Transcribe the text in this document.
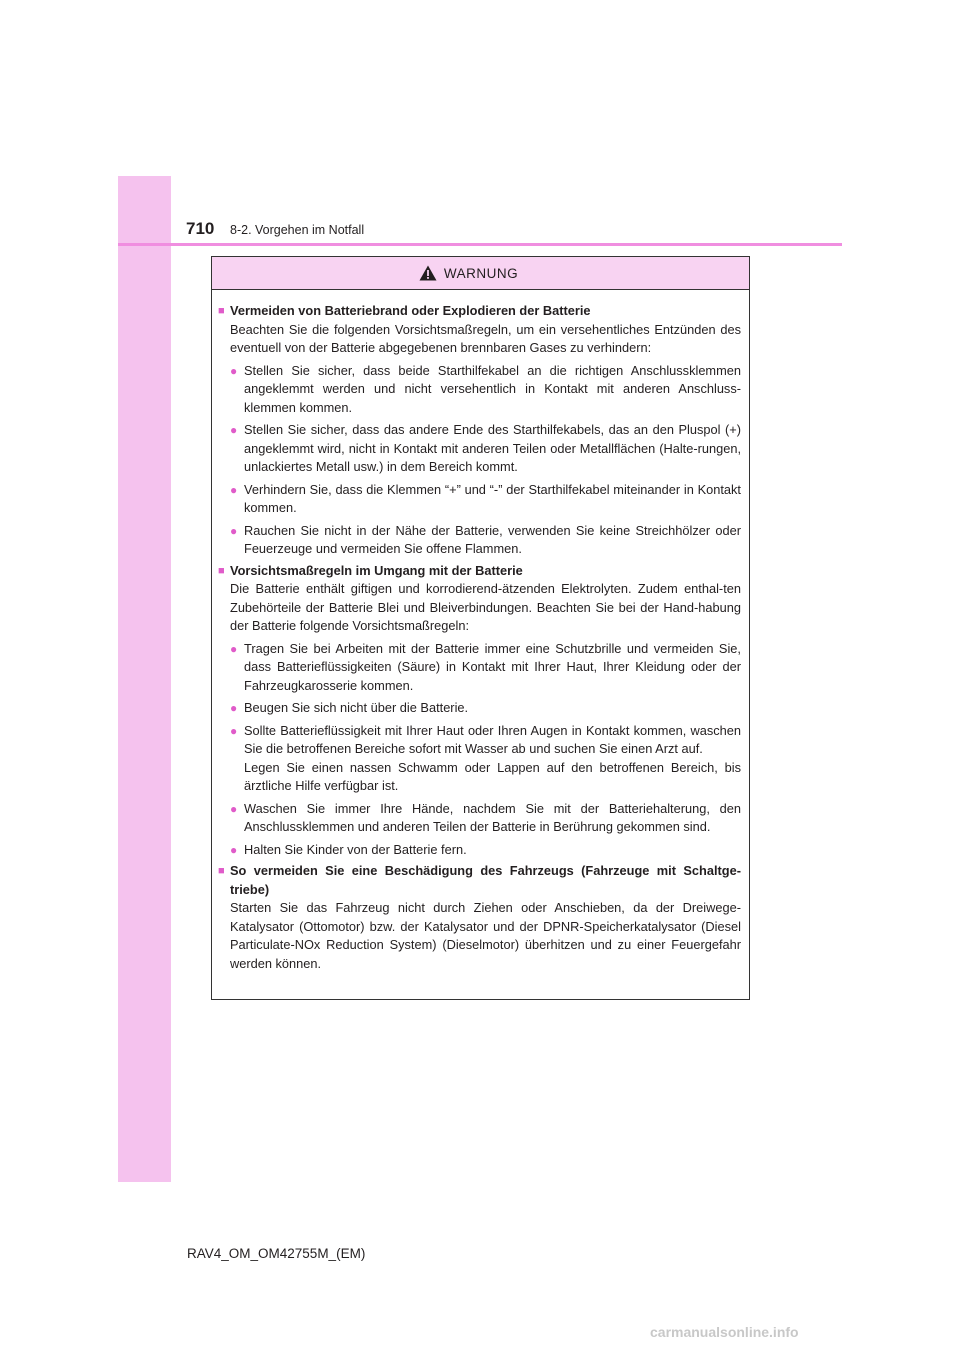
710 8-2. Vorgehen im Notfall
WARNUNG
■ Vermeiden von Batteriebrand oder Explodieren der Batterie
Beachten Sie die folgenden Vorsichtsmaßregeln, um ein versehentliches Entzünden des eventuell von der Batterie abgegebenen brennbaren Gases zu verhindern:
● Stellen Sie sicher, dass beide Starthilfekabel an die richtigen Anschlussklemmen angeklemmt werden und nicht versehentlich in Kontakt mit anderen Anschluss-klemmen kommen.

● Stellen Sie sicher, dass das andere Ende des Starthilfekabels, das an den Pluspol (+) angeklemmt wird, nicht in Kontakt mit anderen Teilen oder Metallflächen (Halte-rungen, unlackiertes Metall usw.) in dem Bereich kommt.

● Verhindern Sie, dass die Klemmen “+” und “-” der Starthilfekabel miteinander in Kontakt kommen.

● Rauchen Sie nicht in der Nähe der Batterie, verwenden Sie keine Streichhölzer oder Feuerzeuge und vermeiden Sie offene Flammen.

■ Vorsichtsmaßregeln im Umgang mit der Batterie
Die Batterie enthält giftigen und korrodierend-ätzenden Elektrolyten. Zudem enthal-ten Zubehörteile der Batterie Blei und Bleiverbindungen. Beachten Sie bei der Hand-habung der Batterie folgende Vorsichtsmaßregeln:
● Tragen Sie bei Arbeiten mit der Batterie immer eine Schutzbrille und vermeiden Sie, dass Batterieflüssigkeiten (Säure) in Kontakt mit Ihrer Haut, Ihrer Kleidung oder der Fahrzeugkarosserie kommen.

● Beugen Sie sich nicht über die Batterie.

● Sollte Batterieflüssigkeit mit Ihrer Haut oder Ihren Augen in Kontakt kommen, waschen Sie die betroffenen Bereiche sofort mit Wasser ab und suchen Sie einen Arzt auf.

Legen Sie einen nassen Schwamm oder Lappen auf den betroffenen Bereich, bis ärztliche Hilfe verfügbar ist.

● Waschen Sie immer Ihre Hände, nachdem Sie mit der Batteriehalterung, den Anschlussklemmen und anderen Teilen der Batterie in Berührung gekommen sind.

● Halten Sie Kinder von der Batterie fern.

■ So vermeiden Sie eine Beschädigung des Fahrzeugs (Fahrzeuge mit Schaltge-triebe)
Starten Sie das Fahrzeug nicht durch Ziehen oder Anschieben, da der Dreiwege-Katalysator (Ottomotor) bzw. der Katalysator und der DPNR-Speicherkatalysator (Diesel Particulate-NOx Reduction System) (Dieselmotor) überhitzen und zu einer Feuergefahr werden können.
RAV4_OM_OM42755M_(EM)
carmanualsonline.info
